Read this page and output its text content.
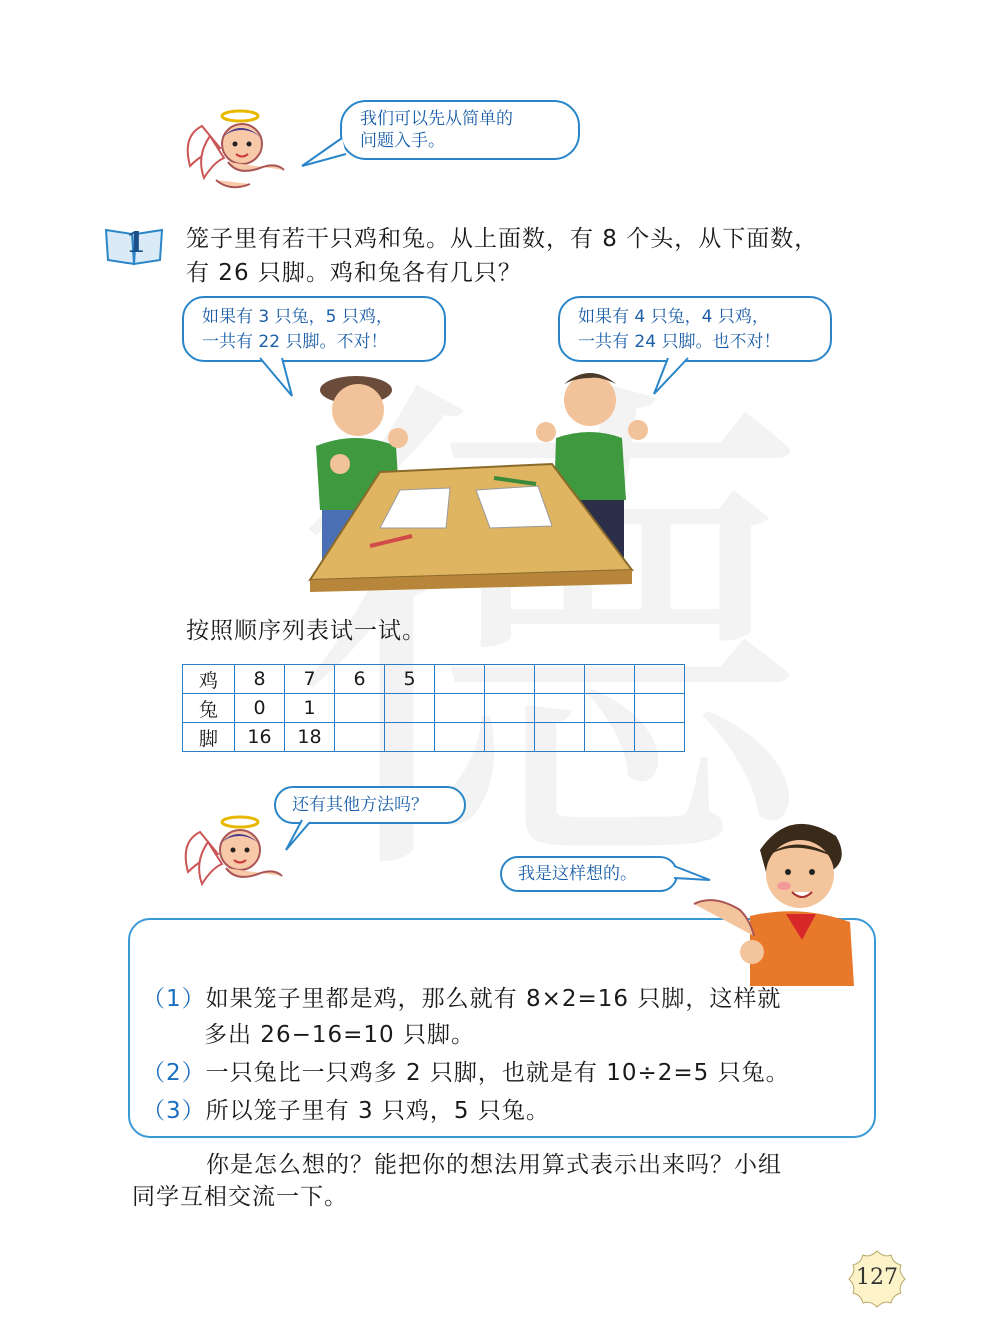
我们可以先从简单的
问题入手。
1 笼子里有若干只鸡和兔。从上面数，有 8 个头，从下面数，
有 26 只脚。鸡和兔各有几只？
如果有 3 只兔，5 只鸡，
一共有 22 只脚。不对！
如果有 4 只兔，4 只鸡，
一共有 24 只脚。也不对！
按照顺序列表试一试。
鸡	8	7	6	5					
兔	0	1							
脚	16	18							
还有其他方法吗？
我是这样想的。
（1）如果笼子里都是鸡，那么就有 8×2=16 只脚，这样就
多出 26−16=10 只脚。
（2）一只兔比一只鸡多 2 只脚，也就是有 10÷2=5 只兔。
（3）所以笼子里有 3 只鸡，5 只兔。
你是怎么想的？能把你的想法用算式表示出来吗？小组
同学互相交流一下。
127
